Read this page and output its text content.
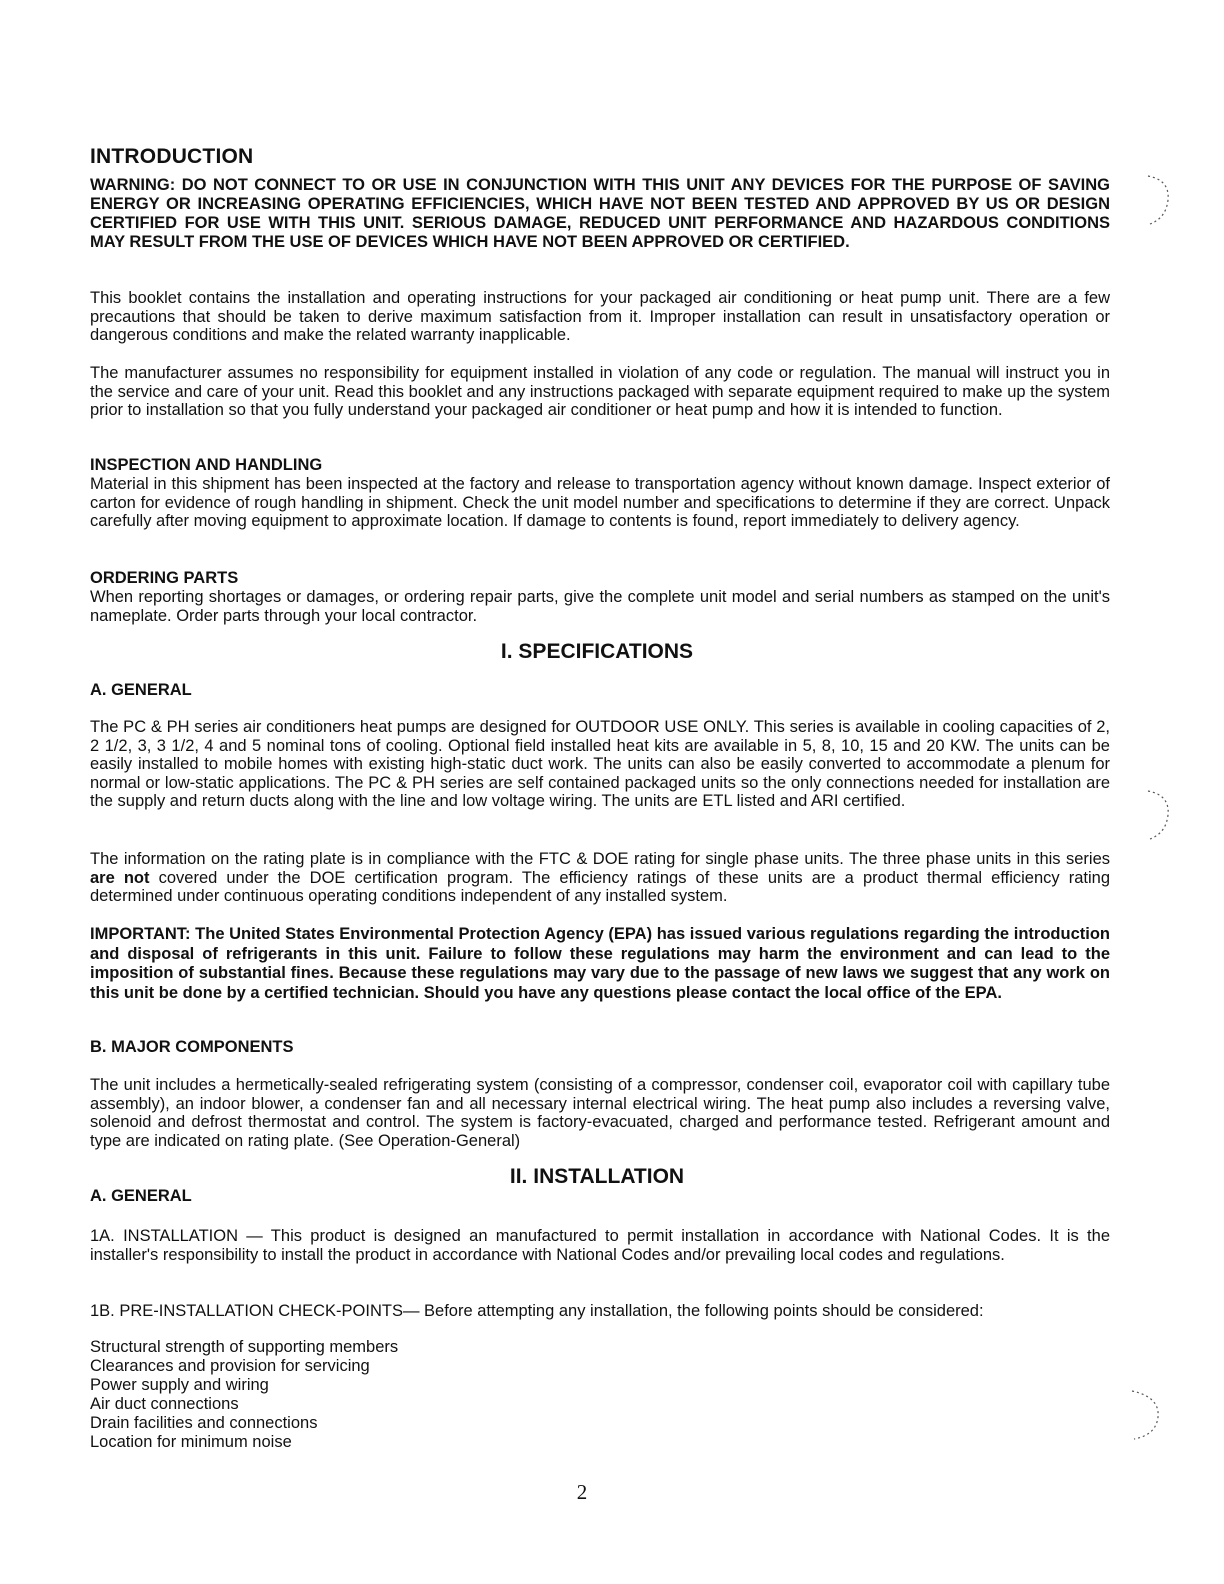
INTRODUCTION
WARNING: DO NOT CONNECT TO OR USE IN CONJUNCTION WITH THIS UNIT ANY DEVICES FOR THE PURPOSE OF SAVING ENERGY OR INCREASING OPERATING EFFICIENCIES, WHICH HAVE NOT BEEN TESTED AND APPROVED BY US OR DESIGN CERTIFIED FOR USE WITH THIS UNIT. SERIOUS DAMAGE, REDUCED UNIT PERFORMANCE AND HAZARDOUS CONDITIONS MAY RESULT FROM THE USE OF DEVICES WHICH HAVE NOT BEEN APPROVED OR CERTIFIED.
This booklet contains the installation and operating instructions for your packaged air conditioning or heat pump unit. There are a few precautions that should be taken to derive maximum satisfaction from it. Improper installation can result in unsatisfactory operation or dangerous conditions and make the related warranty inapplicable.
The manufacturer assumes no responsibility for equipment installed in violation of any code or regulation. The manual will instruct you in the service and care of your unit. Read this booklet and any instructions packaged with separate equipment required to make up the system prior to installation so that you fully understand your packaged air conditioner or heat pump and how it is intended to function.
INSPECTION AND HANDLING
Material in this shipment has been inspected at the factory and release to transportation agency without known damage. Inspect exterior of carton for evidence of rough handling in shipment. Check the unit model number and specifications to determine if they are correct. Unpack carefully after moving equipment to approximate location. If damage to contents is found, report immediately to delivery agency.
ORDERING PARTS
When reporting shortages or damages, or ordering repair parts, give the complete unit model and serial numbers as stamped on the unit's nameplate. Order parts through your local contractor.
I. SPECIFICATIONS
A. GENERAL
The PC & PH series air conditioners heat pumps are designed for OUTDOOR USE ONLY. This series is available in cooling capacities of 2, 2 1/2, 3, 3 1/2, 4 and 5 nominal tons of cooling. Optional field installed heat kits are available in 5, 8, 10, 15 and 20 KW. The units can be easily installed to mobile homes with existing high-static duct work. The units can also be easily converted to accommodate a plenum for normal or low-static applications. The PC & PH series are self contained packaged units so the only connections needed for installation are the supply and return ducts along with the line and low voltage wiring. The units are ETL listed and ARI certified.
The information on the rating plate is in compliance with the FTC & DOE rating for single phase units. The three phase units in this series are not covered under the DOE certification program. The efficiency ratings of these units are a product thermal efficiency rating determined under continuous operating conditions independent of any installed system.
IMPORTANT: The United States Environmental Protection Agency (EPA) has issued various regulations regarding the introduction and disposal of refrigerants in this unit. Failure to follow these regulations may harm the environment and can lead to the imposition of substantial fines. Because these regulations may vary due to the passage of new laws we suggest that any work on this unit be done by a certified technician. Should you have any questions please contact the local office of the EPA.
B. MAJOR COMPONENTS
The unit includes a hermetically-sealed refrigerating system (consisting of a compressor, condenser coil, evaporator coil with capillary tube assembly), an indoor blower, a condenser fan and all necessary internal electrical wiring. The heat pump also includes a reversing valve, solenoid and defrost thermostat and control. The system is factory-evacuated, charged and performance tested. Refrigerant amount and type are indicated on rating plate. (See Operation-General)
II. INSTALLATION
A. GENERAL
1A. INSTALLATION — This product is designed an manufactured to permit installation in accordance with National Codes. It is the installer's responsibility to install the product in accordance with National Codes and/or prevailing local codes and regulations.
1B. PRE-INSTALLATION CHECK-POINTS— Before attempting any installation, the following points should be considered:
Structural strength of supporting members
Clearances and provision for servicing
Power supply and wiring
Air duct connections
Drain facilities and connections
Location for minimum noise
2
